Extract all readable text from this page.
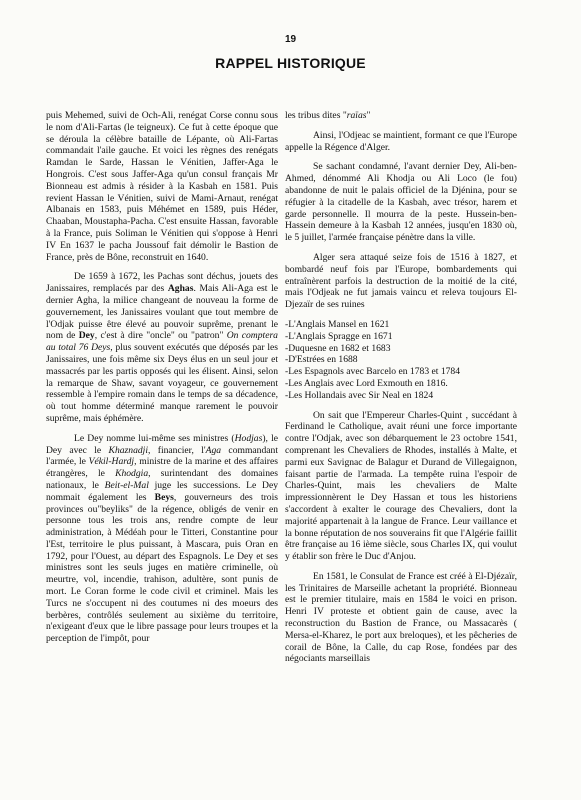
19
RAPPEL HISTORIQUE

puis Mehemed, suivi de Och-Ali, renégat Corse connu sous le nom d'Ali-Fartas (le teigneux). Ce fut à cette époque que se déroula la célèbre bataille de Lépante, où Ali-Fartas commandait l'aile gauche. Et voici les règnes des renégats Ramdan le Sarde, Hassan le Vénitien, Jaffer-Aga le Hongrois. C'est sous Jaffer-Aga qu'un consul français Mr Bionneau est admis à résider à la Kasbah en 1581. Puis revient Hassan le Vénitien, suivi de Mami-Arnaut, renégat Albanais en 1583, puis Méhémet en 1589, puis Héder, Chaaban, Moustapha-Pacha. C'est ensuite Hassan, favorable à la France, puis Soliman le Vénitien qui s'oppose à Henri IV En 1637 le pacha Joussouf fait démolir le Bastion de France, près de Bône, reconstruit en 1640.

De 1659 à 1672, les Pachas sont déchus, jouets des Janissaires, remplacés par des Aghas. Mais Ali-Aga est le dernier Agha, la milice changeant de nouveau la forme de gouvernement, les Janissaires voulant que tout membre de l'Odjak puisse être élevé au pouvoir suprême, prenant le nom de Dey, c'est à dire "oncle" ou "patron" On comptera au total 76 Deys, plus souvent exécutés que déposés par les Janissaires, une fois même six Deys élus en un seul jour et massacrés par les partis opposés qui les élisent. Ainsi, selon la remarque de Shaw, savant voyageur, ce gouvernement ressemble à l'empire romain dans le temps de sa décadence, où tout homme déterminé manque rarement le pouvoir suprême, mais éphémère.

Le Dey nomme lui-même ses ministres (Hodjas), le Dey avec le Khaznadji, financier, l'Aga commandant l'armée, le Vékil-Hardj, ministre de la marine et des affaires étrangères, le Khodgia, surintendant des domaines nationaux, le Beit-el-Mal juge les successions. Le Dey nommait également les Beys, gouverneurs des trois provinces ou"beyliks" de la régence, obligés de venir en personne tous les trois ans, rendre compte de leur administration, à Médéah pour le Titteri, Constantine pour l'Est, territoire le plus puissant, à Mascara, puis Oran en 1792, pour l'Ouest, au départ des Espagnols. Le Dey et ses ministres sont les seuls juges en matière criminelle, où meurtre, vol, incendie, trahison, adultère, sont punis de mort. Le Coran forme le code civil et criminel. Mais les Turcs ne s'occupent ni des coutumes ni des moeurs des berbères, contrôlés seulement au sixième du territoire, n'exigeant d'eux que le libre passage pour leurs troupes et la perception de l'impôt, pour

les tribus dites "raïas"

Ainsi, l'Odjeac se maintient, formant ce que l'Europe appelle la Régence d'Alger.

Se sachant condamné, l'avant dernier Dey, Ali-ben-Ahmed, dénommé Ali Khodja ou Ali Loco (le fou) abandonne de nuit le palais officiel de la Djénina, pour se réfugier à la citadelle de la Kasbah, avec trésor, harem et garde personnelle. Il mourra de la peste. Hussein-ben-Hassein demeure à la Kasbah 12 années, jusqu'en 1830 où, le 5 juillet, l'armée française pénètre dans la ville.

Alger sera attaqué seize fois de 1516 à 1827, et bombardé neuf fois par l'Europe, bombardements qui entraînèrent parfois la destruction de la moitié de la cité, mais l'Odjeak ne fut jamais vaincu et releva toujours El-Djezaïr de ses ruines

-L'Anglais Mansel en 1621
-L'Anglais Spragge en 1671
-Duquesne en 1682 et 1683
-D'Estrées en 1688
-Les Espagnols avec Barcelo en 1783 et 1784
-Les Anglais avec Lord Exmouth en 1816.
-Les Hollandais avec Sir Neal en 1824

On sait que l'Empereur Charles-Quint , succédant à Ferdinand le Catholique, avait réuni une force importante contre l'Odjak, avec son débarquement le 23 octobre 1541, comprenant les Chevaliers de Rhodes, installés à Malte, et parmi eux Savignac de Balagur et Durand de Villegaignon, faisant partie de l'armada. La tempête ruina l'espoir de Charles-Quint, mais les chevaliers de Malte impressionnèrent le Dey Hassan et tous les historiens s'accordent à exalter le courage des Chevaliers, dont la majorité appartenait à la langue de France. Leur vaillance et la bonne réputation de nos souverains fit que l'Algérie faillit être française au 16 ième siècle, sous Charles IX, qui voulut y établir son frère le Duc d'Anjou.

En 1581, le Consulat de France est créé à El-Djézaïr, les Trinitaires de Marseille achetant la propriété. Bionneau est le premier titulaire, mais en 1584 le voici en prison. Henri IV proteste et obtient gain de cause, avec la reconstruction du Bastion de France, ou Massacarès ( Mersa-el-Kharez, le port aux breloques), et les pêcheries de corail de Bône, la Calle, du cap Rose, fondées par des négociants marseillais
